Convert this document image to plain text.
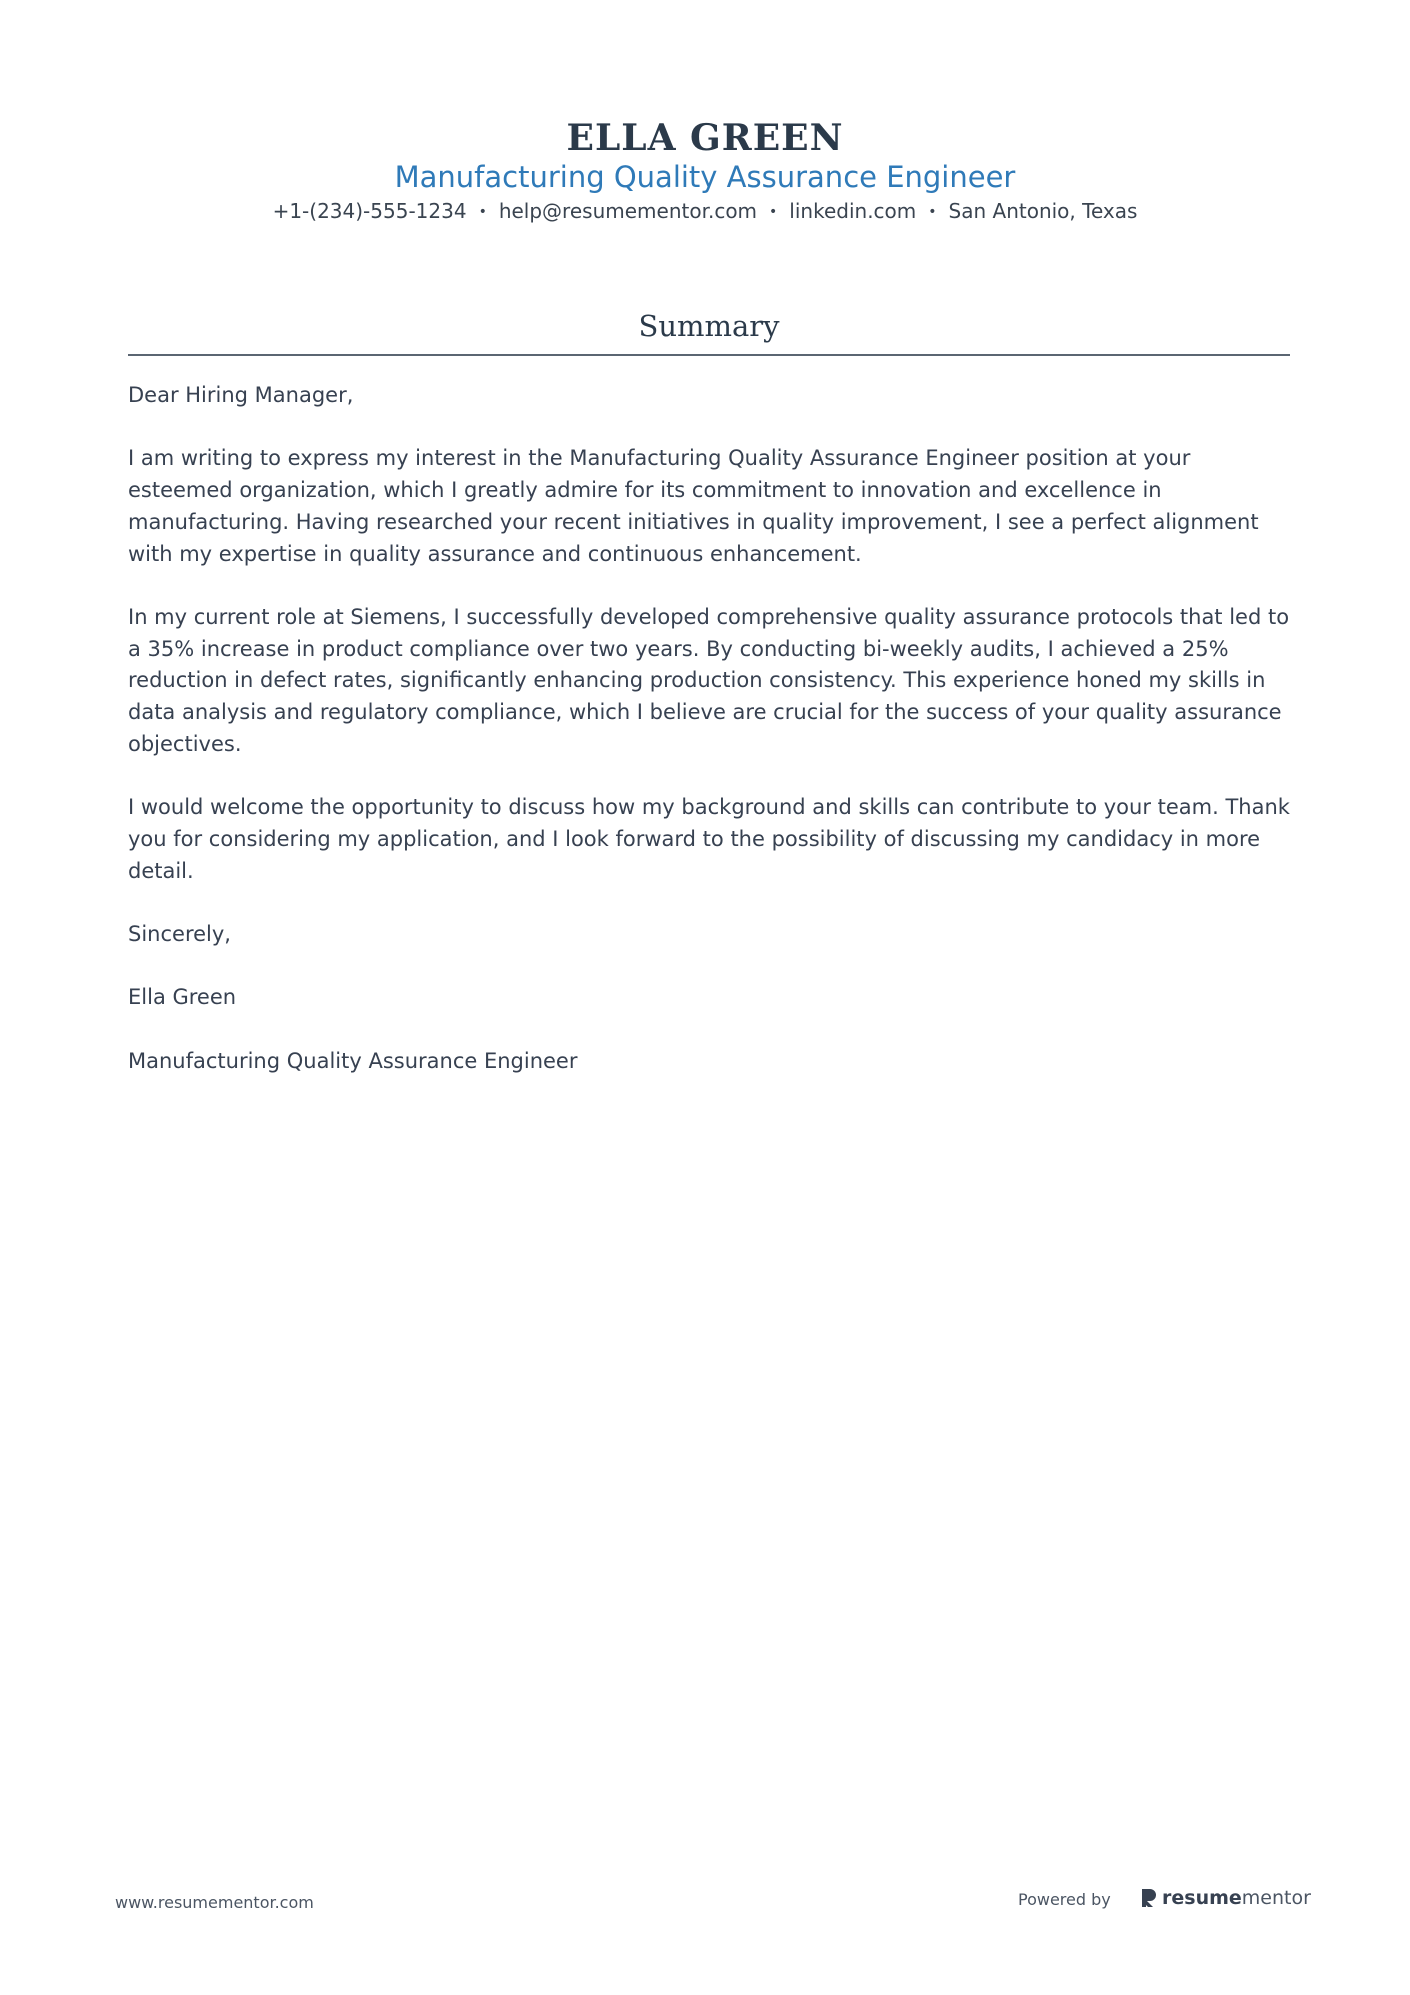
ELLA GREEN
Manufacturing Quality Assurance Engineer
+1-(234)-555-1234 • help@resumementor.com • linkedin.com • San Antonio, Texas
Summary

Dear Hiring Manager,

I am writing to express my interest in the Manufacturing Quality Assurance Engineer position at your esteemed organization, which I greatly admire for its commitment to innovation and excellence in manufacturing. Having researched your recent initiatives in quality improvement, I see a perfect alignment with my expertise in quality assurance and continuous enhancement.

In my current role at Siemens, I successfully developed comprehensive quality assurance protocols that led to a 35% increase in product compliance over two years. By conducting bi-weekly audits, I achieved a 25% reduction in defect rates, significantly enhancing production consistency. This experience honed my skills in data analysis and regulatory compliance, which I believe are crucial for the success of your quality assurance objectives.

I would welcome the opportunity to discuss how my background and skills can contribute to your team. Thank you for considering my application, and I look forward to the possibility of discussing my candidacy in more detail.

Sincerely,

Ella Green

Manufacturing Quality Assurance Engineer

www.resumementor.com	Powered by	resumementor
